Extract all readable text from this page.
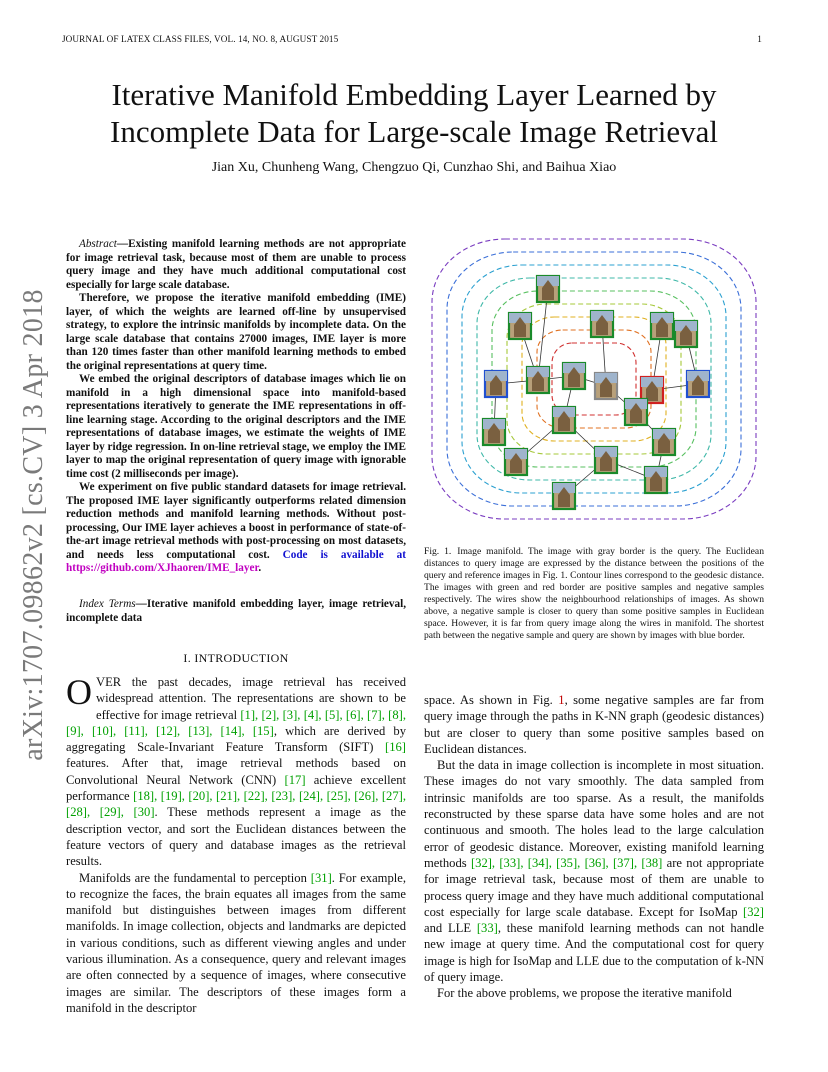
JOURNAL OF LATEX CLASS FILES, VOL. 14, NO. 8, AUGUST 2015	1
Iterative Manifold Embedding Layer Learned by Incomplete Data for Large-scale Image Retrieval
Jian Xu, Chunheng Wang, Chengzuo Qi, Cunzhao Shi, and Baihua Xiao
arXiv:1707.09862v2 [cs.CV] 3 Apr 2018

Abstract—Existing manifold learning methods are not appropriate for image retrieval task, because most of them are unable to process query image and they have much additional computational cost especially for large scale database.

Therefore, we propose the iterative manifold embedding (IME) layer, of which the weights are learned off-line by unsupervised strategy, to explore the intrinsic manifolds by incomplete data. On the large scale database that contains 27000 images, IME layer is more than 120 times faster than other manifold learning methods to embed the original representations at query time.

We embed the original descriptors of database images which lie on manifold in a high dimensional space into manifold-based representations iteratively to generate the IME representations in off-line learning stage. According to the original descriptors and the IME representations of database images, we estimate the weights of IME layer by ridge regression. In on-line retrieval stage, we employ the IME layer to map the original representation of query image with ignorable time cost (2 milliseconds per image).

We experiment on five public standard datasets for image retrieval. The proposed IME layer significantly outperforms related dimension reduction methods and manifold learning methods. Without post-processing, Our IME layer achieves a boost in performance of state-of-the-art image retrieval methods with post-processing on most datasets, and needs less computational cost. Code is available at https://github.com/XJhaoren/IME_layer.

Index Terms—Iterative manifold embedding layer, image retrieval, incomplete data
I. INTRODUCTION

OVER the past decades, image retrieval has received widespread attention. The representations are shown to be effective for image retrieval [1], [2], [3], [4], [5], [6], [7], [8], [9], [10], [11], [12], [13], [14], [15], which are derived by aggregating Scale-Invariant Feature Transform (SIFT) [16] features. After that, image retrieval methods based on Convolutional Neural Network (CNN) [17] achieve excellent performance [18], [19], [20], [21], [22], [23], [24], [25], [26], [27], [28], [29], [30]. These methods represent a image as the description vector, and sort the Euclidean distances between the feature vectors of query and database images as the retrieval results.

Manifolds are the fundamental to perception [31]. For example, to recognize the faces, the brain equates all images from the same manifold but distinguishes between images from different manifolds. In image collection, objects and landmarks are depicted in various conditions, such as different viewing angles and under various illumination. As a consequence, query and relevant images are often connected by a sequence of images, where consecutive images are similar. The descriptors of these images form a manifold in the descriptor

Fig. 1. Image manifold. The image with gray border is the query. The Euclidean distances to query image are expressed by the distance between the positions of the query and reference images in Fig. 1. Contour lines correspond to the geodesic distance. The images with green and red border are positive samples and negative samples respectively. The wires show the neighbourhood relationships of images. As shown above, a negative sample is closer to query than some positive samples in Euclidean space. However, it is far from query image along the wires in manifold. The shortest path between the negative sample and query are shown by images with blue border.

space. As shown in Fig. 1, some negative samples are far from query image through the paths in K-NN graph (geodesic distances) but are closer to query than some positive samples based on Euclidean distances.

But the data in image collection is incomplete in most situation. These images do not vary smoothly. The data sampled from intrinsic manifolds are too sparse. As a result, the manifolds reconstructed by these sparse data have some holes and are not continuous and smooth. The holes lead to the large calculation error of geodesic distance. Moreover, existing manifold learning methods [32], [33], [34], [35], [36], [37], [38] are not appropriate for image retrieval task, because most of them are unable to process query image and they have much additional computational cost especially for large scale database. Except for IsoMap [32] and LLE [33], these manifold learning methods can not handle new image at query time. And the computational cost for query image is high for IsoMap and LLE due to the computation of k-NN of query image.

For the above problems, we propose the iterative manifold
